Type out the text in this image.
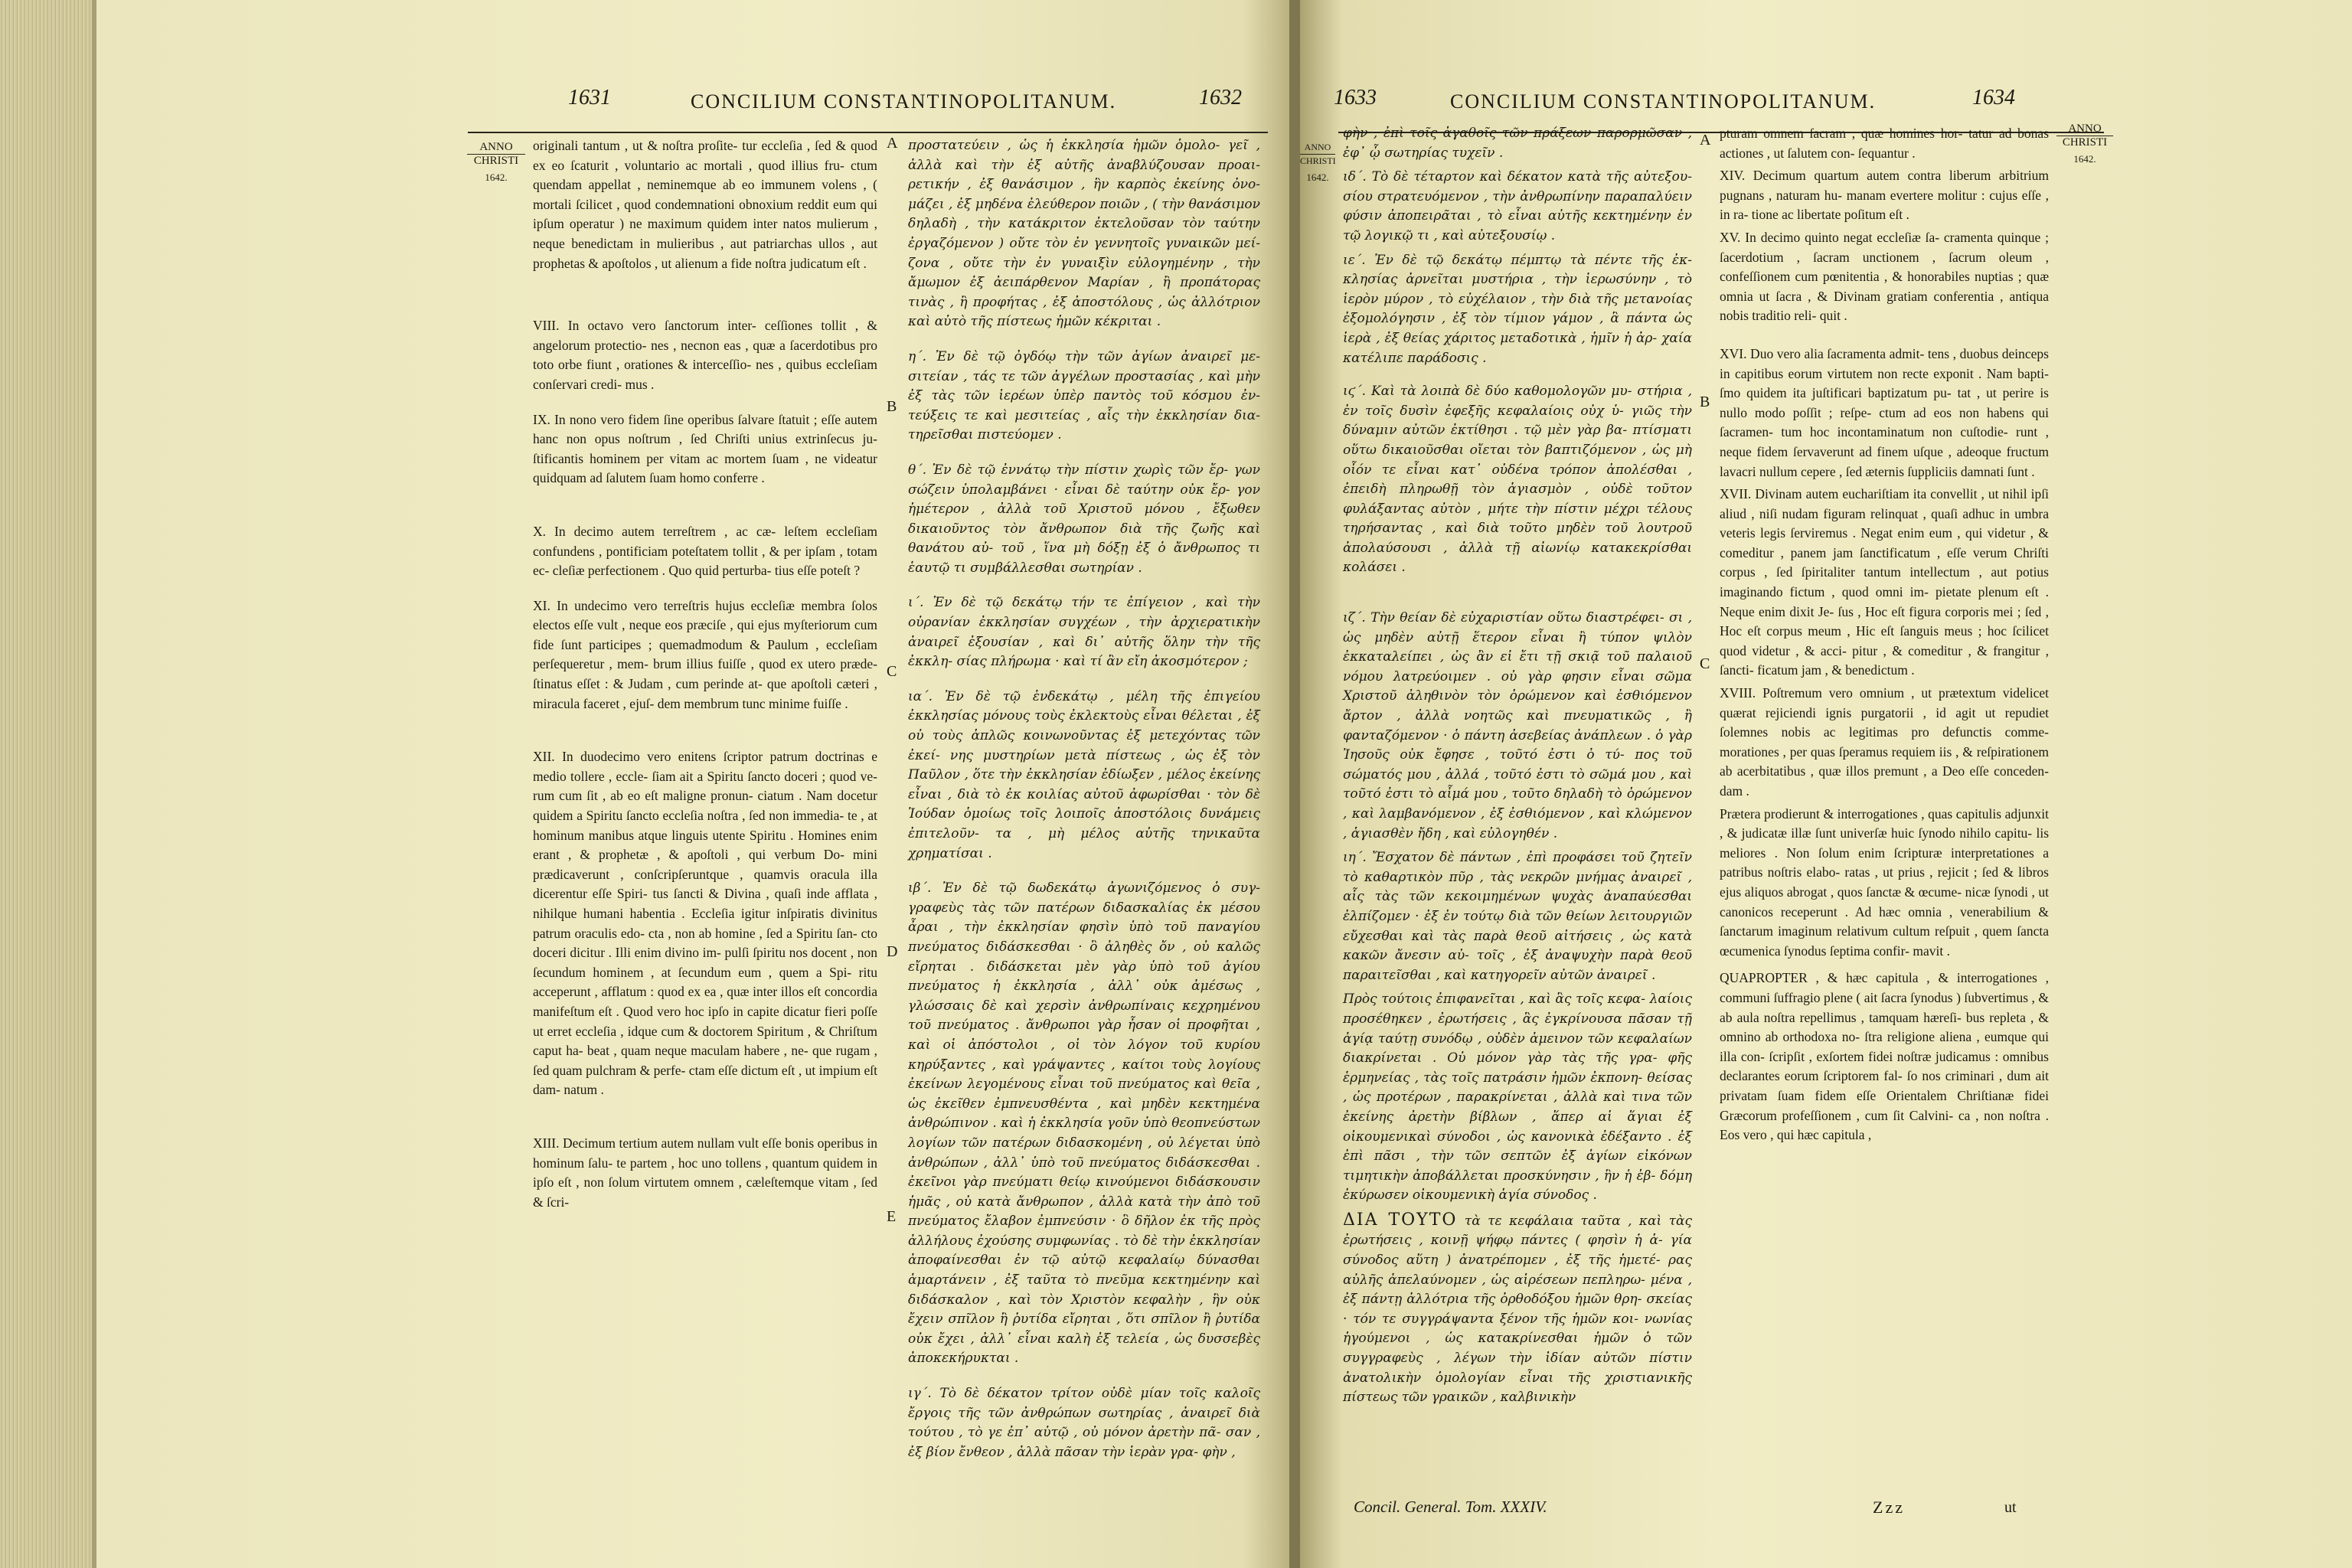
1631	CONCILIUM CONSTANTINOPOLITANUM.	1632
ANNO
CHRISTI
1642.

originali tantum , ut & noſtra proſite- tur eccleſia , ſed & quod ex eo ſcaturit , voluntario ac mortali , quod illius fru- ctum quendam appellat , neminemque ab eo immunem volens , ( mortali ſcilicet , quod condemnationi obnoxium reddit eum qui ipſum operatur ) ne maximum quidem inter natos mulierum , neque benedictam in mulieribus , aut patriarchas ullos , aut prophetas & apoſtolos , ut alienum a fide noſtra judicatum eſt .

VIII. In octavo vero ſanctorum inter- ceſſiones tollit , & angelorum protectio- nes , necnon eas , quæ a ſacerdotibus pro toto orbe fiunt , orationes & interceſſio- nes , quibus eccleſiam conſervari credi- mus .

IX. In nono vero fidem ſine operibus ſalvare ſtatuit ; eſſe autem hanc non opus noſtrum , ſed Chriſti unius extrinſecus ju- ſtificantis hominem per vitam ac mortem ſuam , ne videatur quidquam ad ſalutem ſuam homo conferre .

X. In decimo autem terreſtrem , ac cæ- leſtem eccleſiam confundens , pontificiam poteſtatem tollit , & per ipſam , totam ec- cleſiæ perfectionem . Quo quid perturba- tius eſſe poteſt ?

XI. In undecimo vero terreſtris hujus eccleſiæ membra ſolos electos eſſe vult , neque eos præciſe , qui ejus myſteriorum cum fide ſunt participes ; quemadmodum & Paulum , eccleſiam perſequeretur , mem- brum illius fuiſſe , quod ex utero præde- ſtinatus eſſet : & Judam , cum perinde at- que apoſtoli cæteri , miracula faceret , ejuſ- dem membrum tunc minime fuiſſe .

XII. In duodecimo vero enitens ſcriptor patrum doctrinas e medio tollere , eccle- ſiam ait a Spiritu ſancto doceri ; quod ve- rum cum ſit , ab eo eſt maligne pronun- ciatum . Nam docetur quidem a Spiritu ſancto eccleſia noſtra , ſed non immedia- te , at hominum manibus atque linguis utente Spiritu . Homines enim erant , & prophetæ , & apoſtoli , qui verbum Do- mini prædicaverunt , conſcripſeruntque , quamvis oracula illa dicerentur eſſe Spiri- tus ſancti & Divina , quaſi inde afflata , nihilque humani habentia . Eccleſia igitur inſpiratis divinitus patrum oraculis edo- cta , non ab homine , ſed a Spiritu ſan- cto doceri dicitur . Illi enim divino im- pulſi ſpiritu nos docent , non ſecundum hominem , at ſecundum eum , quem a Spi- ritu acceperunt , afflatum : quod ex ea , quæ inter illos eſt concordia manifeſtum eſt . Quod vero hoc ipſo in capite dicatur fieri poſſe ut erret eccleſia , idque cum & doctorem Spiritum , & Chriſtum caput ha- beat , quam neque maculam habere , ne- que rugam , ſed quam pulchram & perfe- ctam eſſe dictum eſt , ut impium eſt dam- natum .

XIII. Decimum tertium autem nullam vult eſſe bonis operibus in hominum ſalu- te partem , hoc uno tollens , quantum quidem in ipſo eſt , non ſolum virtutem omnem , cæleſtemque vitam , ſed & ſcri-

A
B
C
D
E

προστατεύειν , ὡς ἡ ἐκκλησία ἡμῶν ὁμολο- γεῖ , ἀλλὰ καὶ τὴν ἐξ αὐτῆς ἀναβλύζουσαν προαι- ρετικήν , ἐξ θανάσιμον , ἣν καρπὸς ἐκείνης ὀνο- μάζει , ἐξ μηδένα ἐλεύθερον ποιῶν , ( τὴν θανάσιμον δηλαδὴ , τὴν κατάκριτον ἐκτελοῦσαν τὸν ταύτην ἐργαζόμενον ) οὔτε τὸν ἐν γεννητοῖς γυναικῶν μεί- ζονα , οὔτε τὴν ἐν γυναιξὶν εὐλογημένην , τὴν ἄμωμον ἐξ ἀειπάρθενον Μαρίαν , ἢ προπάτορας τινὰς , ἢ προφήτας , ἐξ ἀποστόλους , ὡς ἀλλότριον καὶ αὐτὸ τῆς πίστεως ἡμῶν κέκριται .

η΄. Ἐν δὲ τῷ ὀγδόῳ τὴν τῶν ἁγίων ἀναιρεῖ με- σιτείαν , τάς τε τῶν ἀγγέλων προστασίας , καὶ μὴν ἐξ τὰς τῶν ἱερέων ὑπὲρ παντὸς τοῦ κόσμου ἐν- τεύξεις τε καὶ μεσιτείας , αἷς τὴν ἐκκλησίαν δια- τηρεῖσθαι πιστεύομεν .

θ΄. Ἐν δὲ τῷ ἐννάτῳ τὴν πίστιν χωρὶς τῶν ἔρ- γων σώζειν ὑπολαμβάνει · εἶναι δὲ ταύτην οὐκ ἔρ- γον ἡμέτερον , ἀλλὰ τοῦ Χριστοῦ μόνου , ἔξωθεν δικαιοῦντος τὸν ἄνθρωπον διὰ τῆς ζωῆς καὶ θανάτου αὐ- τοῦ , ἵνα μὴ δόξῃ ἐξ ὁ ἄνθρωπος τι ἑαυτῷ τι συμβάλλεσθαι σωτηρίαν .

ι΄. Ἐν δὲ τῷ δεκάτῳ τήν τε ἐπίγειον , καὶ τὴν οὐρανίαν ἐκκλησίαν συγχέων , τὴν ἀρχιερατικὴν ἀναιρεῖ ἐξουσίαν , καὶ δι᾽ αὐτῆς ὅλην τὴν τῆς ἐκκλη- σίας πλήρωμα · καὶ τί ἂν εἴη ἀκοσμότερον ;

ια΄. Ἐν δὲ τῷ ἑνδεκάτῳ , μέλη τῆς ἐπιγείου ἐκκλησίας μόνους τοὺς ἐκλεκτοὺς εἶναι θέλεται , ἐξ οὐ τοὺς ἁπλῶς κοινωνοῦντας ἐξ μετεχόντας τῶν ἐκεί- νης μυστηρίων μετὰ πίστεως , ὡς ἐξ τὸν Παῦλον , ὅτε τὴν ἐκκλησίαν ἐδίωξεν , μέλος ἐκείνης εἶναι , διὰ τὸ ἐκ κοιλίας αὐτοῦ ἀφωρίσθαι · τὸν δὲ Ἰούδαν ὁμοίως τοῖς λοιποῖς ἀποστόλοις δυνάμεις ἐπιτελοῦν- τα , μὴ μέλος αὐτῆς τηνικαῦτα χρηματίσαι .

ιβ΄. Ἐν δὲ τῷ δωδεκάτῳ ἀγωνιζόμενος ὁ συγ- γραφεὺς τὰς τῶν πατέρων διδασκαλίας ἐκ μέσου ἆραι , τὴν ἐκκλησίαν φησὶν ὑπὸ τοῦ παναγίου πνεύματος διδάσκεσθαι · ὃ ἀληθὲς ὄν , οὐ καλῶς εἴρηται . διδάσκεται μὲν γὰρ ὑπὸ τοῦ ἁγίου πνεύματος ἡ ἐκκλησία , ἀλλ᾽ οὐκ ἀμέσως , γλώσσαις δὲ καὶ χερσὶν ἀνθρωπίναις κεχρημένου τοῦ πνεύματος . ἄνθρωποι γὰρ ἦσαν οἱ προφῆται , καὶ οἱ ἀπόστολοι , οἱ τὸν λόγον τοῦ κυρίου κηρύξαντες , καὶ γράψαντες , καίτοι τοὺς λογίους ἐκείνων λεγομένους εἶναι τοῦ πνεύματος καὶ θεῖα , ὡς ἐκεῖθεν ἐμπνευσθέντα , καὶ μηδὲν κεκτημένα ἀνθρώπινον . καὶ ἡ ἐκκλησία γοῦν ὑπὸ θεοπνεύστων λογίων τῶν πατέρων διδασκομένη , οὐ λέγεται ὑπὸ ἀνθρώπων , ἀλλ᾽ ὑπὸ τοῦ πνεύματος διδάσκεσθαι . ἐκεῖνοι γὰρ πνεύματι θείῳ κινούμενοι διδάσκουσιν ἡμᾶς , οὐ κατὰ ἄνθρωπον , ἀλλὰ κατὰ τὴν ἀπὸ τοῦ πνεύματος ἔλαβον ἐμπνεύσιν · ὃ δῆλον ἐκ τῆς πρὸς ἀλλήλους ἐχούσης συμφωνίας . τὸ δὲ τὴν ἐκκλησίαν ἀποφαίνεσθαι ἐν τῷ αὐτῷ κεφαλαίῳ δύνασθαι ἁμαρτάνειν , ἐξ ταῦτα τὸ πνεῦμα κεκτημένην καὶ διδάσκαλον , καὶ τὸν Χριστὸν κεφαλὴν , ἣν οὐκ ἔχειν σπῖλον ἢ ῥυτίδα εἴρηται , ὅτι σπῖλον ἢ ῥυτίδα οὐκ ἔχει , ἀλλ᾽ εἶναι καλὴ ἐξ τελεία , ὡς δυσσεβὲς ἀποκεκήρυκται .

ιγ΄. Τὸ δὲ δέκατον τρίτον οὐδὲ μίαν τοῖς καλοῖς ἔργοις τῆς τῶν ἀνθρώπων σωτηρίας , ἀναιρεῖ διὰ τούτου , τὸ γε ἐπ᾽ αὐτῷ , οὐ μόνον ἀρετὴν πᾶ- σαν , ἐξ βίον ἔνθεον , ἀλλὰ πᾶσαν τὴν ἱερὰν γρα- φὴν ,

ANNO
CHRISTI
1642.
1633	CONCILIUM CONSTANTINOPOLITANUM.	1634

φὴν , ἐπὶ τοῖς ἀγαθοῖς τῶν πράξεων παρορμῶσαν , ἐφ᾽ ᾧ σωτηρίας τυχεῖν .

ιδ΄. Τὸ δὲ τέταρτον καὶ δέκατον κατὰ τῆς αὐτεξου- σίου στρατευόμενον , τὴν ἀνθρωπίνην παραπαλύειν φύσιν ἀποπειρᾶται , τὸ εἶναι αὐτῆς κεκτημένην ἐν τῷ λογικῷ τι , καὶ αὐτεξουσίῳ .

ιε΄. Ἐν δὲ τῷ δεκάτῳ πέμπτῳ τὰ πέντε τῆς ἐκ- κλησίας ἀρνεῖται μυστήρια , τὴν ἱερωσύνην , τὸ ἱερὸν μύρον , τὸ εὐχέλαιον , τὴν διὰ τῆς μετανοίας ἐξομολόγησιν , ἐξ τὸν τίμιον γάμον , ἃ πάντα ὡς ἱερὰ , ἐξ θείας χάριτος μεταδοτικὰ , ἡμῖν ἡ ἀρ- χαία κατέλιπε παράδοσις .

ιϛ΄. Καὶ τὰ λοιπὰ δὲ δύο καθομολογῶν μυ- στήρια , ἐν τοῖς δυσὶν ἐφεξῆς κεφαλαίοις οὐχ ὑ- γιῶς τὴν δύναμιν αὐτῶν ἐκτίθησι . τῷ μὲν γὰρ βα- πτίσματι οὕτω δικαιοῦσθαι οἴεται τὸν βαπτιζόμενον , ὡς μὴ οἷόν τε εἶναι κατ᾽ οὐδένα τρόπον ἀπολέσθαι , ἐπειδὴ πληρωθῇ τὸν ἁγιασμὸν , οὐδὲ τοῦτον φυλάξαντας αὐτὸν , μήτε τὴν πίστιν μέχρι τέλους τηρήσαντας , καὶ διὰ τοῦτο μηδὲν τοῦ λουτροῦ ἀπολαύσουσι , ἀλλὰ τῇ αἰωνίῳ κατακεκρίσθαι κολάσει .

ιζ΄. Τὴν θείαν δὲ εὐχαριστίαν οὕτω διαστρέφει- σι , ὡς μηδὲν αὐτῇ ἕτερον εἶναι ἢ τύπον ψιλὸν ἐκκαταλείπει , ὡς ἂν εἰ ἔτι τῇ σκιᾷ τοῦ παλαιοῦ νόμου λατρεύοιμεν . οὐ γὰρ φησιν εἶναι σῶμα Χριστοῦ ἀληθινὸν τὸν ὁρώμενον καὶ ἐσθιόμενον ἄρτον , ἀλλὰ νοητῶς καὶ πνευματικῶς , ἢ φανταζόμενον · ὁ πάντη ἀσεβείας ἀνάπλεων . ὁ γὰρ Ἰησοῦς οὐκ ἔφησε , τοῦτό ἐστι ὁ τύ- πος τοῦ σώματός μου , ἀλλά , τοῦτό ἐστι τὸ σῶμά μου , καὶ τοῦτό ἐστι τὸ αἷμά μου , τοῦτο δηλαδὴ τὸ ὁρώμενον , καὶ λαμβανόμενον , ἐξ ἐσθιόμενον , καὶ κλώμενον , ἁγιασθὲν ἤδη , καὶ εὐλογηθέν .

ιη΄. Ἔσχατον δὲ πάντων , ἐπὶ προφάσει τοῦ ζητεῖν τὸ καθαρτικὸν πῦρ , τὰς νεκρῶν μνήμας ἀναιρεῖ , αἷς τὰς τῶν κεκοιμημένων ψυχὰς ἀναπαύεσθαι ἐλπίζομεν · ἐξ ἐν τούτῳ διὰ τῶν θείων λειτουργιῶν εὔχεσθαι καὶ τὰς παρὰ θεοῦ αἰτήσεις , ὡς κατὰ κακῶν ἄνεσιν αὐ- τοῖς , ἐξ ἀναψυχὴν παρὰ θεοῦ παραιτεῖσθαι , καὶ κατηγορεῖν αὐτῶν ἀναιρεῖ .

Πρὸς τούτοις ἐπιφανεῖται , καὶ ἃς τοῖς κεφα- λαίοις προσέθηκεν , ἐρωτήσεις , ἃς ἐγκρίνουσα πᾶσαν τῇ ἁγίᾳ ταύτῃ συνόδῳ , οὐδὲν ἀμεινον τῶν κεφαλαίων διακρίνεται . Οὐ μόνον γὰρ τὰς τῆς γρα- φῆς ἑρμηνείας , τὰς τοῖς πατράσιν ἡμῶν ἐκπονη- θείσας , ὡς προτέρων , παρακρίνεται , ἀλλὰ καὶ τινα τῶν ἐκείνης ἀρετὴν βίβλων , ἅπερ αἱ ἅγιαι ἐξ οἰκουμενικαὶ σύνοδοι , ὡς κανονικὰ ἐδέξαντο . ἐξ ἐπὶ πᾶσι , τὴν τῶν σεπτῶν ἐξ ἁγίων εἰκόνων τιμητικὴν ἀποβάλλεται προσκύνησιν , ἣν ἡ ἑβ- δόμη ἐκύρωσεν οἰκουμενικὴ ἁγία σύνοδος .

ΔΙΑ ΤΟΥΤΟ τὰ τε κεφάλαια ταῦτα , καὶ τὰς ἐρωτήσεις , κοινῇ ψήφῳ πάντες ( φησὶν ἡ ἁ- γία σύνοδος αὕτη ) ἀνατρέπομεν , ἐξ τῆς ἡμετέ- ρας αὐλῆς ἀπελαύνομεν , ὡς αἱρέσεων πεπληρω- μένα , ἐξ πάντῃ ἀλλότρια τῆς ὀρθοδόξου ἡμῶν θρη- σκείας · τόν τε συγγράψαντα ξένον τῆς ἡμῶν κοι- νωνίας ἡγούμενοι , ὡς κατακρίνεσθαι ἡμῶν ὁ τῶν συγγραφεὺς , λέγων τὴν ἰδίαν αὐτῶν πίστιν ἀνατολικὴν ὁμολογίαν εἶναι τῆς χριστιανικῆς πίστεως τῶν γραικῶν , καλβινικὴν

A
B
C

pturam omnem ſacram , quæ homines hor- tatur ad bonas actiones , ut ſalutem con- ſequantur .

XIV. Decimum quartum autem contra liberum arbitrium pugnans , naturam hu- manam evertere molitur : cujus eſſe , in ra- tione ac libertate poſitum eſt .

XV. In decimo quinto negat eccleſiæ ſa- cramenta quinque ; ſacerdotium , ſacram unctionem , ſacrum oleum , confeſſionem cum pœnitentia , & honorabiles nuptias ; quæ omnia ut ſacra , & Divinam gratiam conferentia , antiqua nobis traditio reli- quit .

XVI. Duo vero alia ſacramenta admit- tens , duobus deinceps in capitibus eorum virtutem non recte exponit . Nam bapti- ſmo quidem ita juſtificari baptizatum pu- tat , ut perire is nullo modo poſſit ; reſpe- ctum ad eos non habens qui ſacramen- tum hoc incontaminatum non cuſtodie- runt , neque fidem ſervaverunt ad finem uſque , adeoque fructum lavacri nullum cepere , ſed æternis ſuppliciis damnati ſunt .

XVII. Divinam autem euchariſtiam ita convellit , ut nihil ipſi aliud , niſi nudam figuram relinquat , quaſi adhuc in umbra veteris legis ſerviremus . Negat enim eum , qui videtur , & comeditur , panem jam ſanctificatum , eſſe verum Chriſti corpus , ſed ſpiritaliter tantum intellectum , aut potius imaginando fictum , quod omni im- pietate plenum eſt . Neque enim dixit Je- ſus , Hoc eſt figura corporis mei ; ſed , Hoc eſt corpus meum , Hic eſt ſanguis meus ; hoc ſcilicet quod videtur , & acci- pitur , & comeditur , & frangitur , ſancti- ficatum jam , & benedictum .

XVIII. Poſtremum vero omnium , ut prætextum videlicet quærat rejiciendi ignis purgatorii , id agit ut repudiet ſolemnes nobis ac legitimas pro defunctis comme- morationes , per quas ſperamus requiem iis , & reſpirationem ab acerbitatibus , quæ illos premunt , a Deo eſſe conceden- dam .

Prætera prodierunt & interrogationes , quas capitulis adjunxit , & judicatæ illæ ſunt univerſæ huic ſynodo nihilo capitu- lis meliores . Non ſolum enim ſcripturæ interpretationes a patribus noſtris elabo- ratas , ut prius , rejicit ; ſed & libros ejus aliquos abrogat , quos ſanctæ & œcume- nicæ ſynodi , ut canonicos receperunt . Ad hæc omnia , venerabilium & ſanctarum imaginum relativum cultum reſpuit , quem ſancta œcumenica ſynodus ſeptima confir- mavit .

QUAPROPTER , & hæc capitula , & interrogationes , communi ſuffragio plene ( ait ſacra ſynodus ) ſubvertimus , & ab aula noſtra repellimus , tamquam hæreſi- bus repleta , & omnino ab orthodoxa no- ſtra religione aliena , eumque qui illa con- ſcripſit , exſortem fidei noſtræ judicamus : omnibus declarantes eorum ſcriptorem fal- ſo nos criminari , dum ait privatam ſuam fidem eſſe Orientalem Chriſtianæ fidei Græcorum profeſſionem , cum ſit Calvini- ca , non noſtra . Eos vero , qui hæc capitula ,

ANNO
CHRISTI
1642.
Concil. General. Tom. XXXIV.	Zzz	ut
